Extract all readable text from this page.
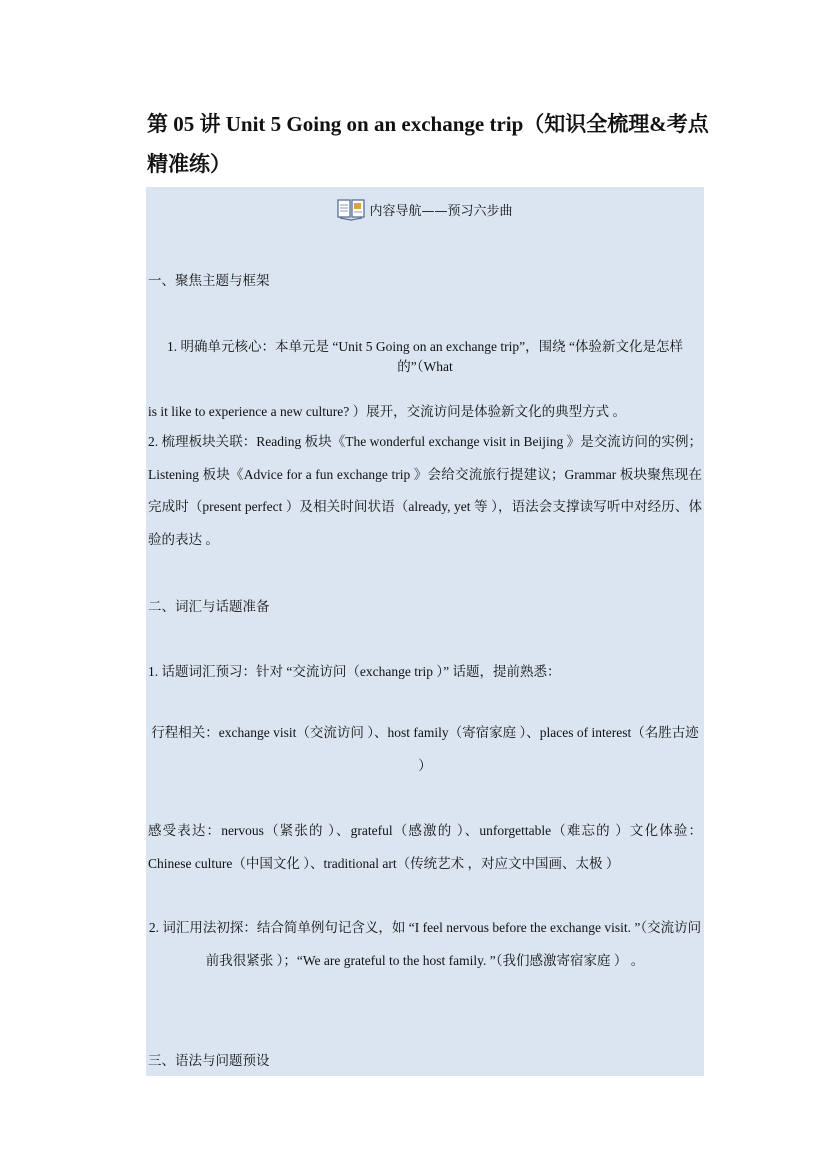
第 05 讲 Unit 5 Going on an exchange trip（知识全梳理&考点精准练）
内容导航——预习六步曲
一、聚焦主题与框架
1. 明确单元核心：本单元是 “Unit 5 Going on an exchange trip”，围绕 “体验新文化是怎样的”（What
is it like to experience a new culture? ）展开，交流访问是体验新文化的典型方式 。
2. 梳理板块关联：Reading 板块《The wonderful exchange visit in Beijing 》是交流访问的实例；Listening 板块《Advice for a fun exchange trip 》会给交流旅行提建议；Grammar 板块聚焦现在完成时（present perfect ）及相关时间状语（already, yet 等 ），语法会支撑读写听中对经历、体验的表达 。
二、词汇与话题准备
1. 话题词汇预习：针对 “交流访问（exchange trip ）” 话题，提前熟悉：
行程相关：exchange visit（交流访问 ）、host family（寄宿家庭 ）、places of interest（名胜古迹 ）
感受表达：nervous（紧张的 ）、grateful（感激的 ）、unforgettable（难忘的 ）文化体验：Chinese culture（中国文化 ）、traditional art（传统艺术 ，对应文中国画、太极 ）
2. 词汇用法初探：结合简单例句记含义，如 “I feel nervous before the exchange visit. ”（交流访问前我很紧张 ）；“We are grateful to the host family. ”（我们感激寄宿家庭 ） 。
三、语法与问题预设
